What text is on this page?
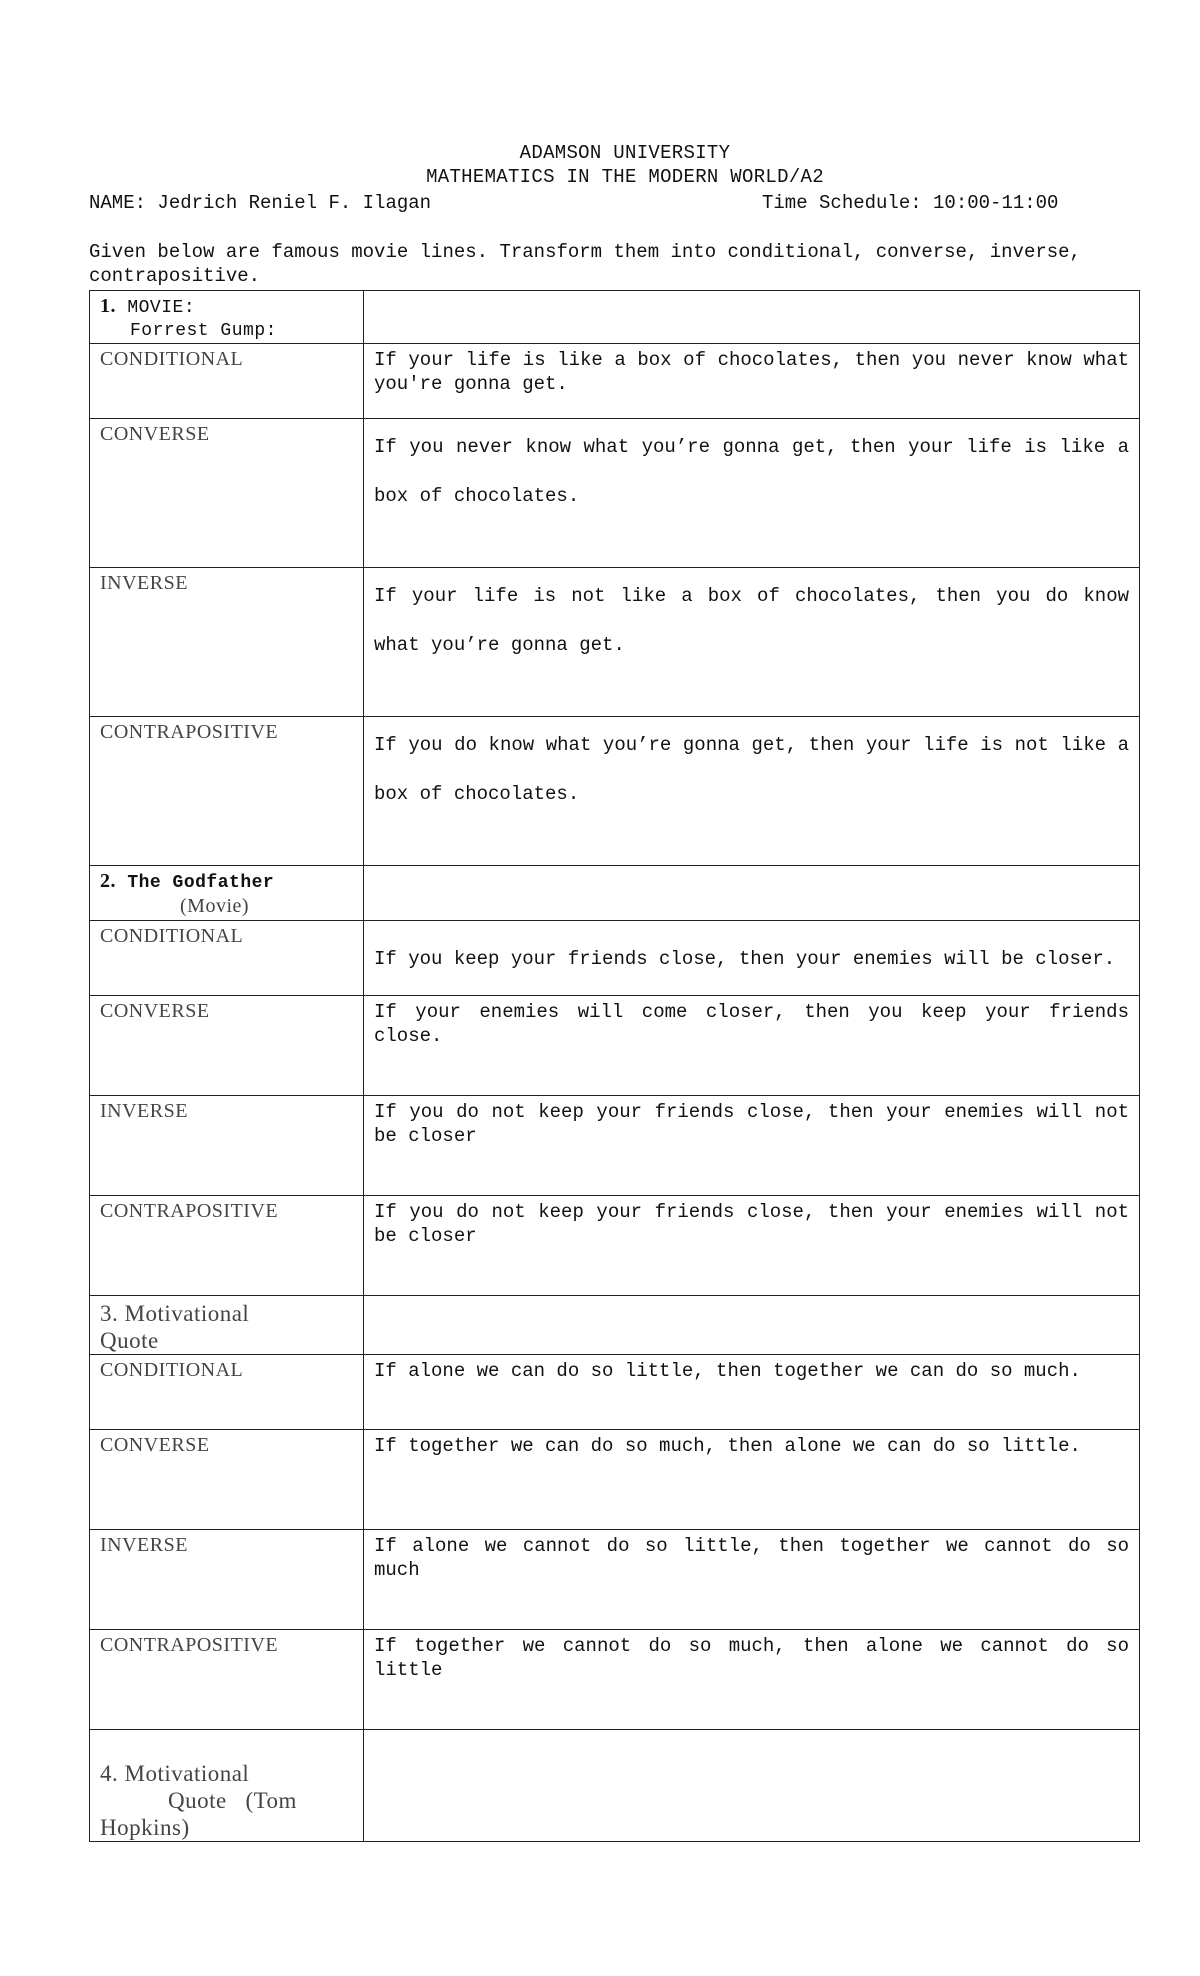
ADAMSON UNIVERSITY
MATHEMATICS IN THE MODERN WORLD/A2
NAME: Jedrich Reniel F. Ilagan	Time Schedule: 10:00-11:00
Given below are famous movie lines. Transform them into conditional, converse, inverse, contrapositive.
1. MOVIE:
Forrest Gump:	
CONDITIONAL	If your life is like a box of chocolates, then you never know what you're gonna get.
CONVERSE	If you never know what you’re gonna get, then your life is like a box of chocolates.
INVERSE	If your life is not like a box of chocolates, then you do know what you’re gonna get.
CONTRAPOSITIVE	If you do know what you’re gonna get, then your life is not like a box of chocolates.
2. The Godfather
(Movie)	
CONDITIONAL	If you keep your friends close, then your enemies will be closer.
CONVERSE	If your enemies will come closer, then you keep your friends close.
INVERSE	If you do not keep your friends close, then your enemies will not be closer
CONTRAPOSITIVE	If you do not keep your friends close, then your enemies will not be closer
3. Motivational
Quote	
CONDITIONAL	If alone we can do so little, then together we can do so much.
CONVERSE	If together we can do so much, then alone we can do so little.
INVERSE	If alone we cannot do so little, then together we cannot do so much
CONTRAPOSITIVE	If together we cannot do so much, then alone we cannot do so little
4. Motivational
Quote   (Tom
Hopkins)	
